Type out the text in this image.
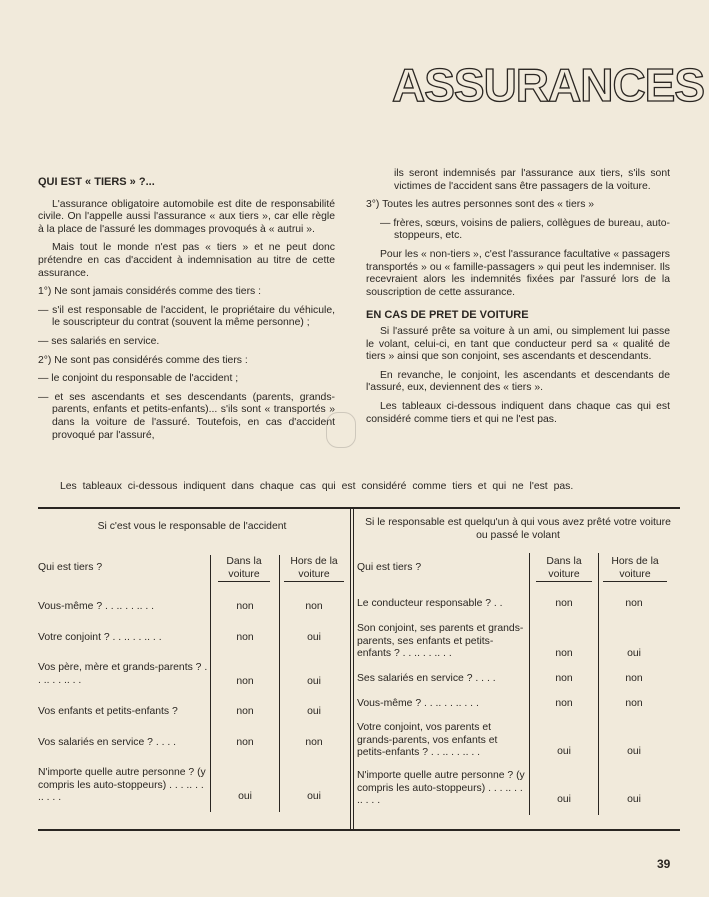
ASSURANCES

QUI EST « TIERS » ?...

L'assurance obligatoire automobile est dite de responsabilité civile. On l'appelle aussi l'assurance « aux tiers », car elle règle à la place de l'assuré les dommages provoqués à « autrui ».

Mais tout le monde n'est pas « tiers » et ne peut donc prétendre en cas d'accident à indemnisation au titre de cette assurance.

1°) Ne sont jamais considérés comme des tiers :

— s'il est responsable de l'accident, le propriétaire du véhicule, le souscripteur du contrat (souvent la même personne) ;

— ses salariés en service.

2°) Ne sont pas considérés comme des tiers :

— le conjoint du responsable de l'accident ;

— et ses ascendants et ses descendants (parents, grands-parents, enfants et petits-enfants)... s'ils sont « transportés » dans la voiture de l'assuré. Toutefois, en cas d'accident provoqué par l'assuré,

ils seront indemnisés par l'assurance aux tiers, s'ils sont victimes de l'accident sans être passagers de la voiture.

3°) Toutes les autres personnes sont des « tiers »

— frères, sœurs, voisins de paliers, collègues de bureau, auto-stoppeurs, etc.

Pour les « non-tiers », c'est l'assurance facultative « passagers transportés » ou « famille-passagers » qui peut les indemniser. Ils recevraient alors les indemnités fixées par l'assuré lors de la souscription de cette assurance.

EN CAS DE PRET DE VOITURE

Si l'assuré prête sa voiture à un ami, ou simplement lui passe le volant, celui-ci, en tant que conducteur perd sa « qualité de tiers » ainsi que son conjoint, ses ascendants et descendants.

En revanche, le conjoint, les ascendants et descendants de l'assuré, eux, deviennent des « tiers ».

Les tableaux ci-dessous indiquent dans chaque cas qui est considéré comme tiers et qui ne l'est pas.

Les tableaux ci-dessous indiquent dans chaque cas qui est considéré comme tiers et qui ne l'est pas.
Si c'est vous le responsable de l'accident
Qui est tiers ?
Dans la voiture
Hors de la voiture
Vous-même ? . . .. . . .. . .	non	non
Votre conjoint ? . . .. . . .. . .	non	oui
Vos père, mère et grands-parents ? . . .. . . .. . .	non	oui
Vos enfants et petits-enfants ?	non	oui
Vos salariés en service ? . . . .	non	non
N'importe quelle autre personne ? (y compris les auto-stoppeurs) . . . .. . . .. . . .	oui	oui
Si le responsable est quelqu'un à qui vous avez prêté votre voiture ou passé le volant
Qui est tiers ?
Dans la voiture
Hors de la voiture
Le conducteur responsable ? . .	non	non
Son conjoint, ses parents et grands-parents, ses enfants et petits-enfants ? . . .. . . .. . .	non	oui
Ses salariés en service ? . . . .	non	non
Vous-même ? . . .. . . .. . . .	non	non
Votre conjoint, vos parents et grands-parents, vos enfants et petits-enfants ? . . .. . . .. . .	oui	oui
N'importe quelle autre personne ? (y compris les auto-stoppeurs) . . . .. . . .. . . .	oui	oui
39
